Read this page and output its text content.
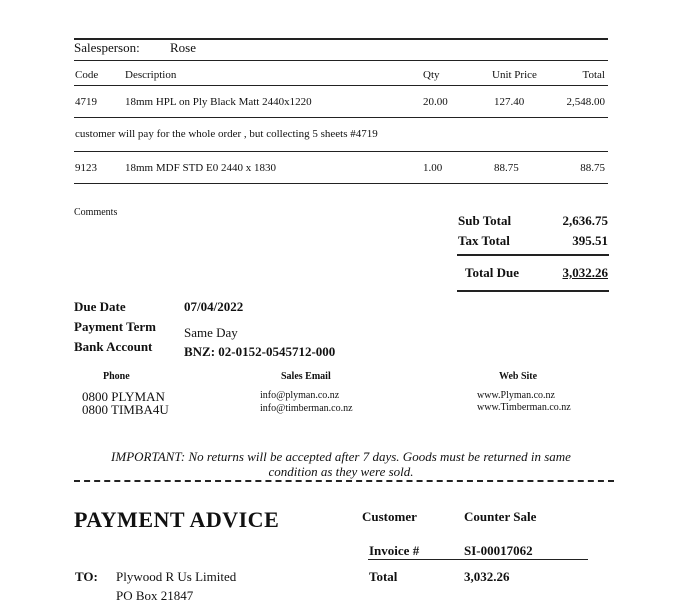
Salesperson: Rose
Code Description	Qty	Unit Price	Total
4719	18mm HPL on Ply Black Matt 2440x1220	20.00	127.40	2,548.00
customer will pay for the whole order , but collecting 5 sheets #4719
9123	18mm MDF STD E0 2440 x 1830	1.00	88.75	88.75
Comments
Sub Total	2,636.75
Tax Total	395.51
Total Due	3,032.26
Due Date	07/04/2022
Payment Term Same Day
Bank Account BNZ: 02-0152-0545712-000
Phone
0800 PLYMAN
0800 TIMBA4U
Sales Email
info@plyman.co.nz
info@timberman.co.nz
Web Site
www.Plyman.co.nz
www.Timberman.co.nz
IMPORTANT: No returns will be accepted after 7 days. Goods must be returned in same
condition as they were sold.
PAYMENT ADVICE	Customer	Counter Sale
Invoice #	SI-00017062
TO: Plywood R Us Limited
PO Box 21847
Total	3,032.26
